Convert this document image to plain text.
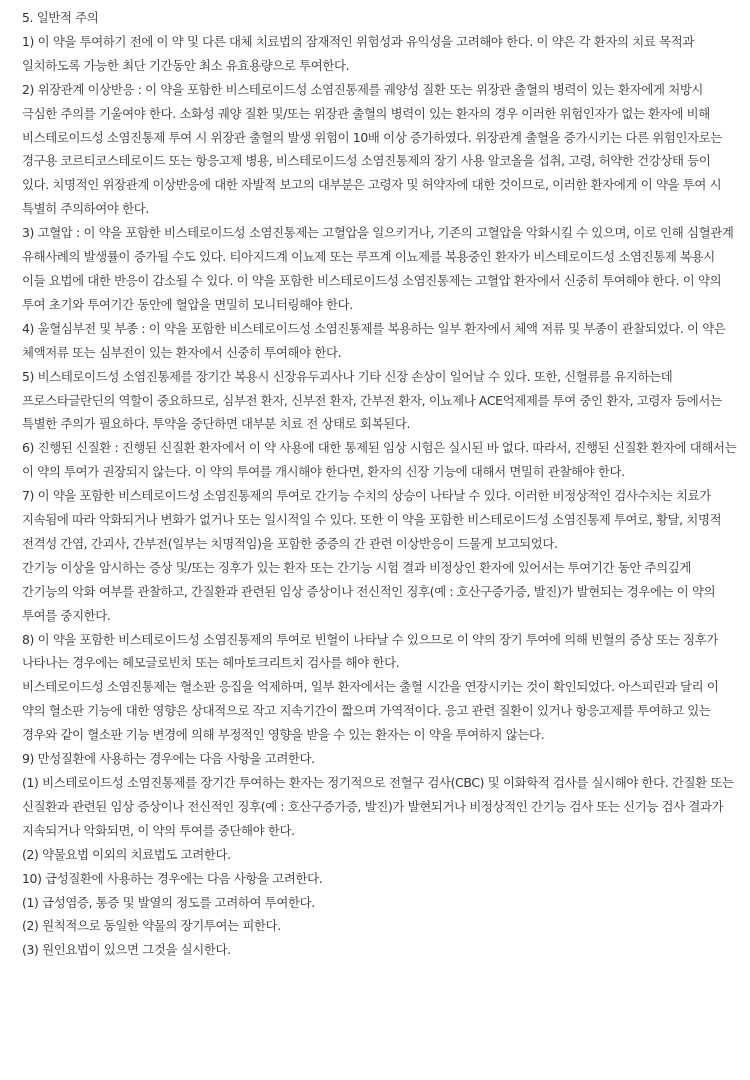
5. 일반적 주의

1) 이 약을 투여하기 전에 이 약 및 다른 대체 치료법의 잠재적인 위험성과 유익성을 고려해야 한다. 이 약은 각 환자의 치료 목적과 일치하도록 가능한 최단 기간동안 최소 유효용량으로 투여한다.

2) 위장관계 이상반응 : 이 약을 포함한 비스테로이드성 소염진통제를 궤양성 질환 또는 위장관 출혈의 병력이 있는 환자에게 처방시 극심한 주의를 기울여야 한다. 소화성 궤양 질환 및/또는 위장관 출혈의 병력이 있는 환자의 경우 이러한 위험인자가 없는 환자에 비해 비스테로이드성 소염진통제 투여 시 위장관 출혈의 발생 위험이 10배 이상 증가하였다. 위장관계 출혈을 증가시키는 다른 위험인자로는 경구용 코르티코스테로이드 또는 항응고제 병용, 비스테로이드성 소염진통제의 장기 사용 알코올을 섭취, 고령, 허약한 건강상태 등이 있다. 치명적인 위장관계 이상반응에 대한 자발적 보고의 대부분은 고령자 및 허약자에 대한 것이므로, 이러한 환자에게 이 약을 투여 시 특별히 주의하여야 한다.

3) 고혈압 : 이 약을 포함한 비스테로이드성 소염진통제는 고혈압을 일으키거나, 기존의 고혈압을 악화시킬 수 있으며, 이로 인해 심혈관계 유해사례의 발생률이 증가될 수도 있다. 티아지드계 이뇨제 또는 루프계 이뇨제를 복용중인 환자가 비스테로이드성 소염진통제 복용시 이들 요법에 대한 반응이 감소될 수 있다. 이 약을 포함한 비스테로이드성 소염진통제는 고혈압 환자에서 신중히 투여해야 한다. 이 약의 투여 초기와 투여기간 동안에 혈압을 면밀히 모니터링해야 한다.

4) 울혈심부전 및 부종 : 이 약을 포함한 비스테로이드성 소염진통제를 복용하는 일부 환자에서 체액 저류 및 부종이 관찰되었다. 이 약은 체액저류 또는 심부전이 있는 환자에서 신중히 투여해야 한다.

5) 비스테로이드성 소염진통제를 장기간 복용시 신장유두괴사나 기타 신장 손상이 일어날 수 있다. 또한, 신혈류를 유지하는데 프로스타글란딘의 역할이 중요하므로, 심부전 환자, 신부전 환자, 간부전 환자, 이뇨제나 ACE억제제를 투여 중인 환자, 고령자 등에서는 특별한 주의가 필요하다. 투약을 중단하면 대부분 치료 전 상태로 회복된다.

6) 진행된 신질환 : 진행된 신질환 환자에서 이 약 사용에 대한 통제된 임상 시험은 실시된 바 없다. 따라서, 진행된 신질환 환자에 대해서는 이 약의 투여가 권장되지 않는다. 이 약의 투여를 개시해야 한다면, 환자의 신장 기능에 대해서 면밀히 관찰해야 한다.

7) 이 약을 포함한 비스테로이드성 소염진통제의 투여로 간기능 수치의 상승이 나타날 수 있다. 이러한 비정상적인 검사수치는 치료가 지속됨에 따라 악화되거나 변화가 없거나 또는 일시적일 수 있다. 또한 이 약을 포함한 비스테로이드성 소염진통제 투여로, 황달, 치명적 전격성 간염, 간괴사, 간부전(일부는 치명적임)을 포함한 중증의 간 관련 이상반응이 드물게 보고되었다.

간기능 이상을 암시하는 증상 및/또는 징후가 있는 환자 또는 간기능 시험 결과 비정상인 환자에 있어서는 투여기간 동안 주의깊게 간기능의 악화 여부를 관찰하고, 간질환과 관련된 임상 증상이나 전신적인 징후(예 : 호산구증가증, 발진)가 발현되는 경우에는 이 약의 투여를 중지한다.

8) 이 약을 포함한 비스테로이드성 소염진통제의 투여로 빈혈이 나타날 수 있으므로 이 약의 장기 투여에 의해 빈혈의 증상 또는 징후가 나타나는 경우에는 헤모글로빈치 또는 헤마토크리트치 검사를 해야 한다.

비스테로이드성 소염진통제는 혈소판 응집을 억제하며, 일부 환자에서는 출혈 시간을 연장시키는 것이 확인되었다. 아스피린과 달리 이 약의 혈소판 기능에 대한 영향은 상대적으로 작고 지속기간이 짧으며 가역적이다. 응고 관련 질환이 있거나 항응고제를 투여하고 있는 경우와 같이 혈소판 기능 변경에 의해 부정적인 영향을 받을 수 있는 환자는 이 약을 투여하지 않는다.

9) 만성질환에 사용하는 경우에는 다음 사항을 고려한다.

(1) 비스테로이드성 소염진통제를 장기간 투여하는 환자는 정기적으로 전혈구 검사(CBC) 및 이화학적 검사를 실시해야 한다. 간질환 또는 신질환과 관련된 임상 증상이나 전신적인 징후(예 : 호산구증가증, 발진)가 발현되거나 비정상적인 간기능 검사 또는 신기능 검사 결과가 지속되거나 악화되면, 이 약의 투여를 중단해야 한다.

(2) 약물요법 이외의 치료법도 고려한다.

10) 급성질환에 사용하는 경우에는 다음 사항을 고려한다.

(1) 급성염증, 통증 및 발열의 정도를 고려하여 투여한다.

(2) 원칙적으로 동일한 약물의 장기투여는 피한다.

(3) 원인요법이 있으면 그것을 실시한다.
